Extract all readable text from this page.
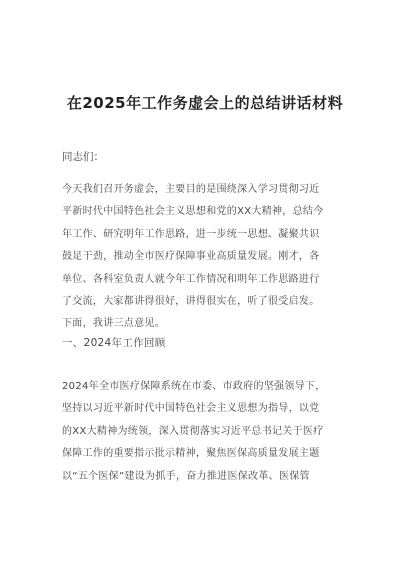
在2025年工作务虚会上的总结讲话材料
同志们：
今天我们召开务虚会，主要目的是围绕深入学习贯彻习近
平新时代中国特色社会主义思想和党的XX大精神，总结今
年工作、研究明年工作思路，进一步统一思想、凝聚共识
鼓足干劲，推动全市医疗保障事业高质量发展。刚才，各
单位、各科室负责人就今年工作情况和明年工作思路进行
了交流，大家都讲得很好，讲得很实在，听了很受启发。
下面，我讲三点意见。
一、2024年工作回顾
2024年全市医疗保障系统在市委、市政府的坚强领导下，
坚持以习近平新时代中国特色社会主义思想为指导，以党
的XX大精神为统领，深入贯彻落实习近平总书记关于医疗
保障工作的重要指示批示精神，聚焦医保高质量发展主题
以“五个医保”建设为抓手，奋力推进医保改革、医保管
